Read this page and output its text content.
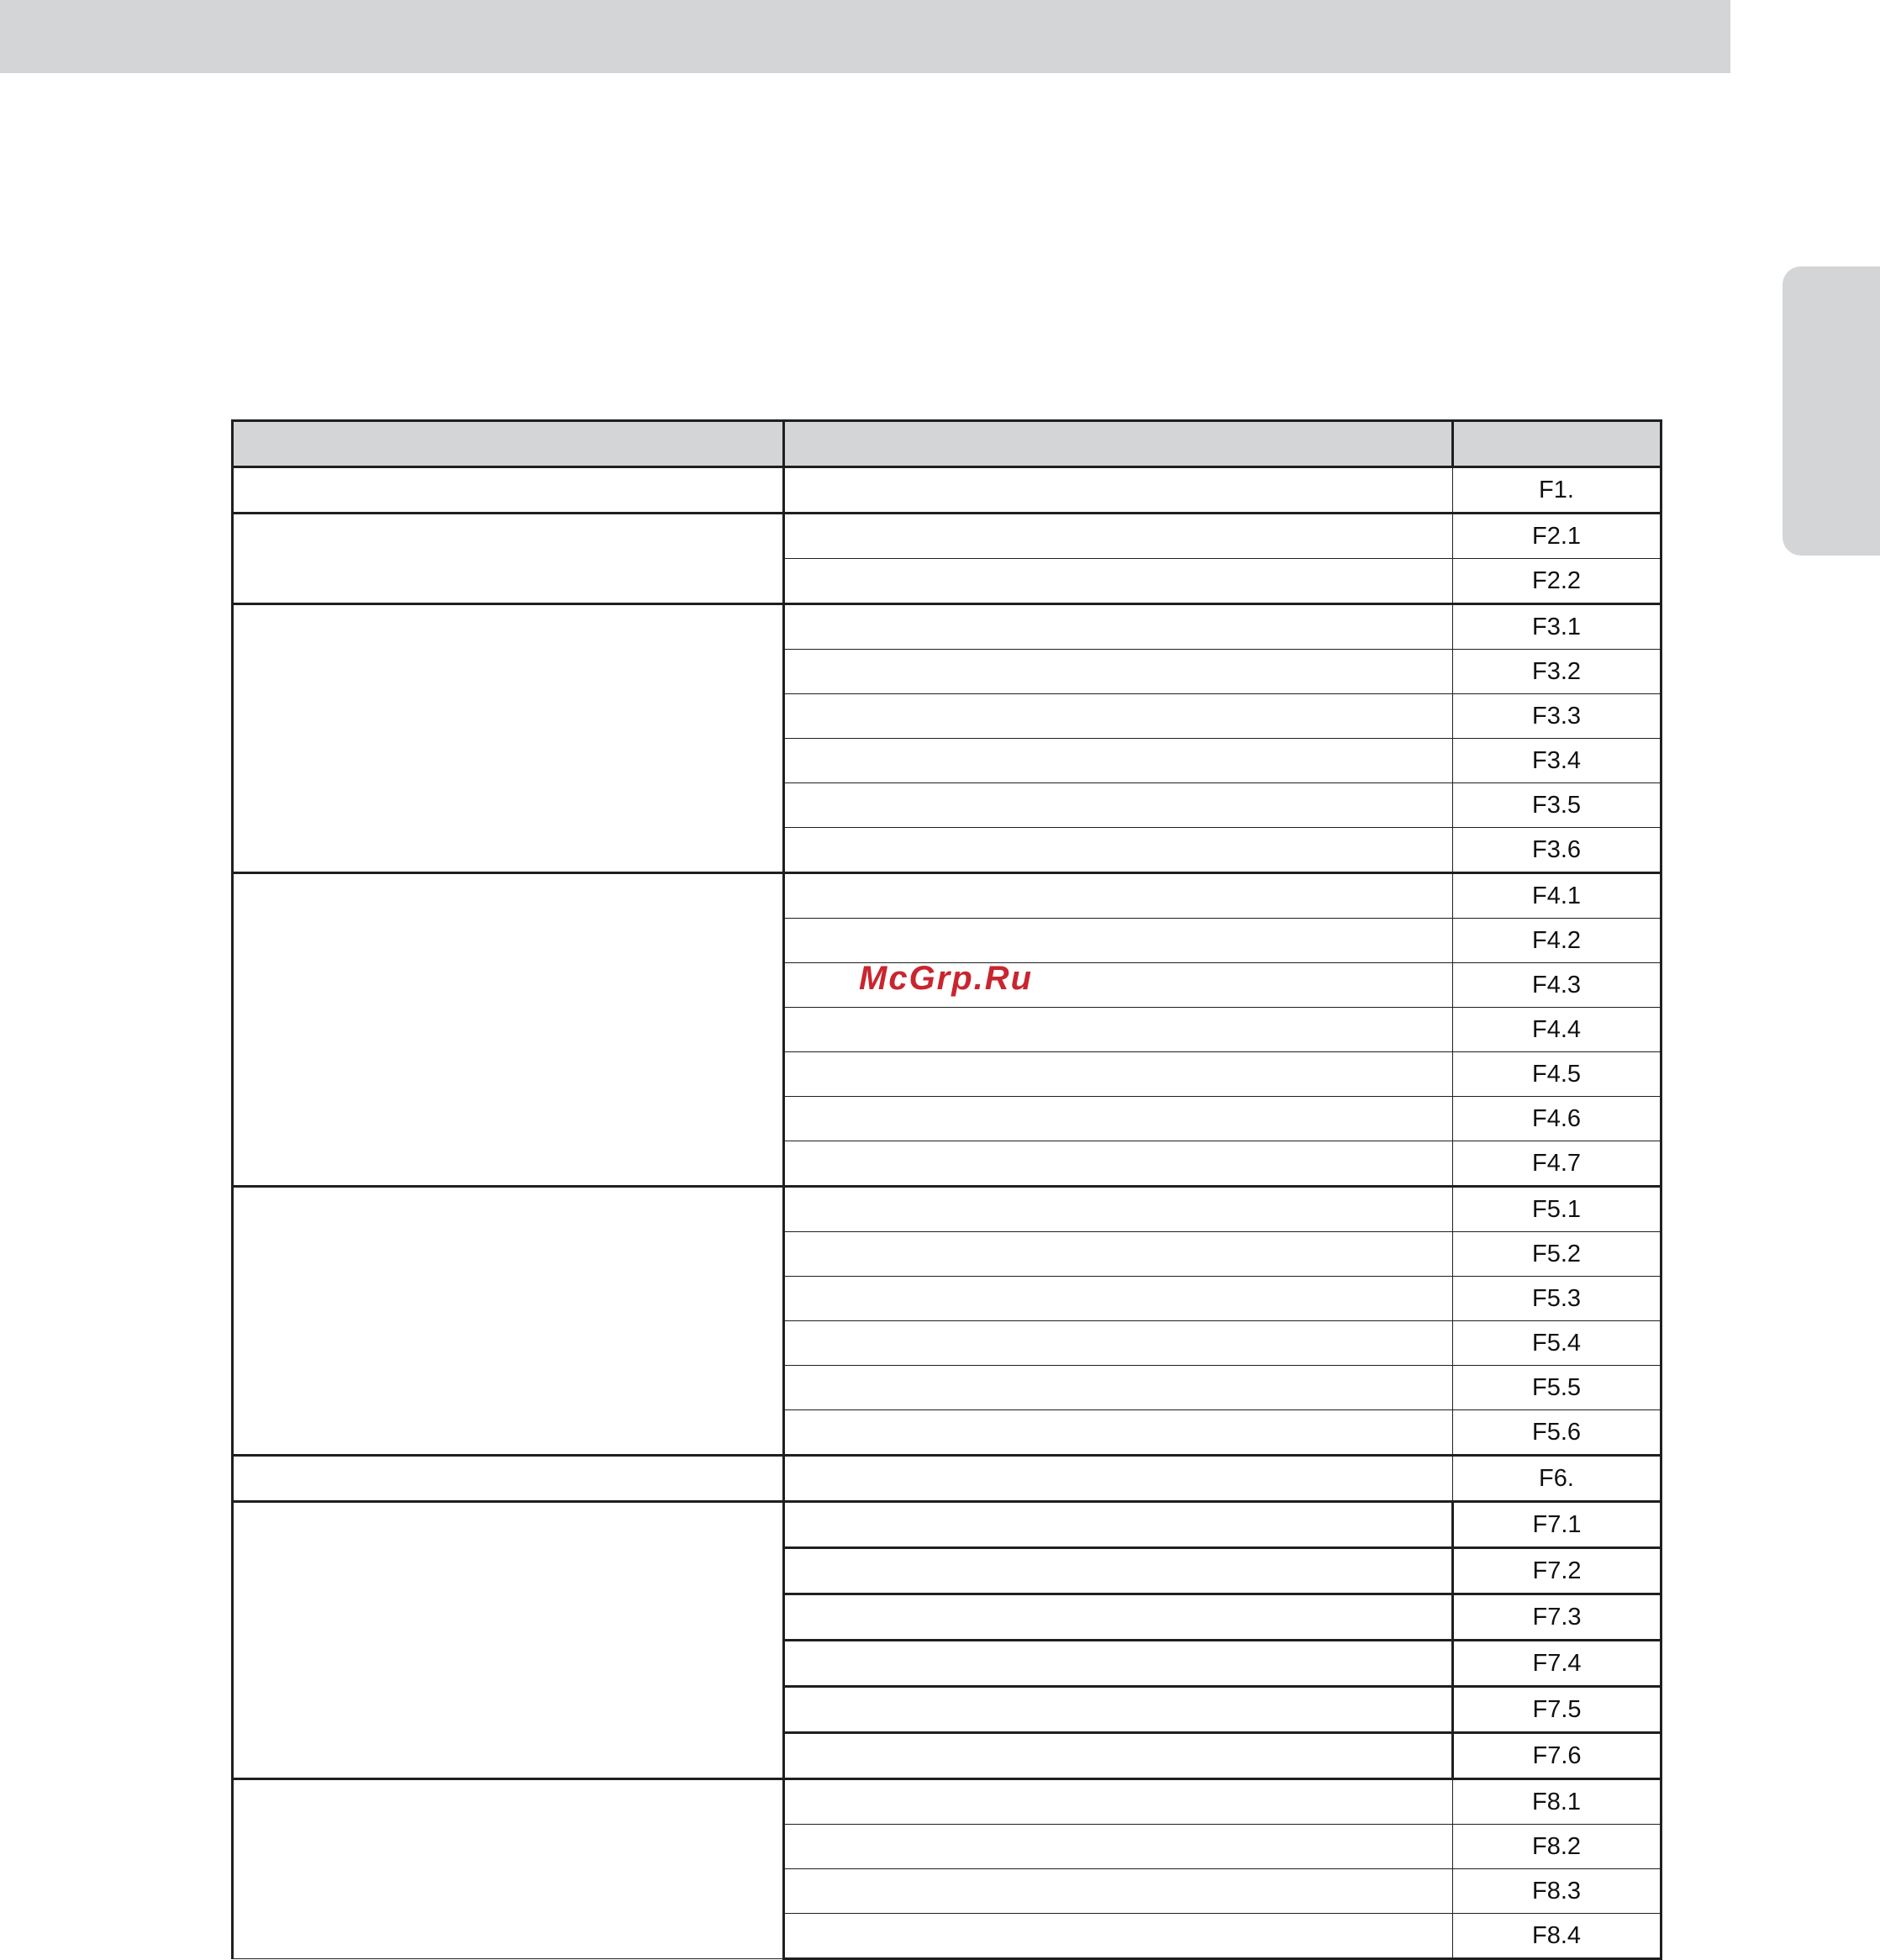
		F1.
		F2.1
		F2.2
		F3.1
		F3.2
		F3.3
		F3.4
		F3.5
		F3.6
		F4.1
		F4.2
		F4.3
		F4.4
		F4.5
		F4.6
		F4.7
		F5.1
		F5.2
		F5.3
		F5.4
		F5.5
		F5.6
		F6.
		F7.1
		F7.2
		F7.3
		F7.4
		F7.5
		F7.6
		F8.1
		F8.2
		F8.3
		F8.4
McGrp.Ru
